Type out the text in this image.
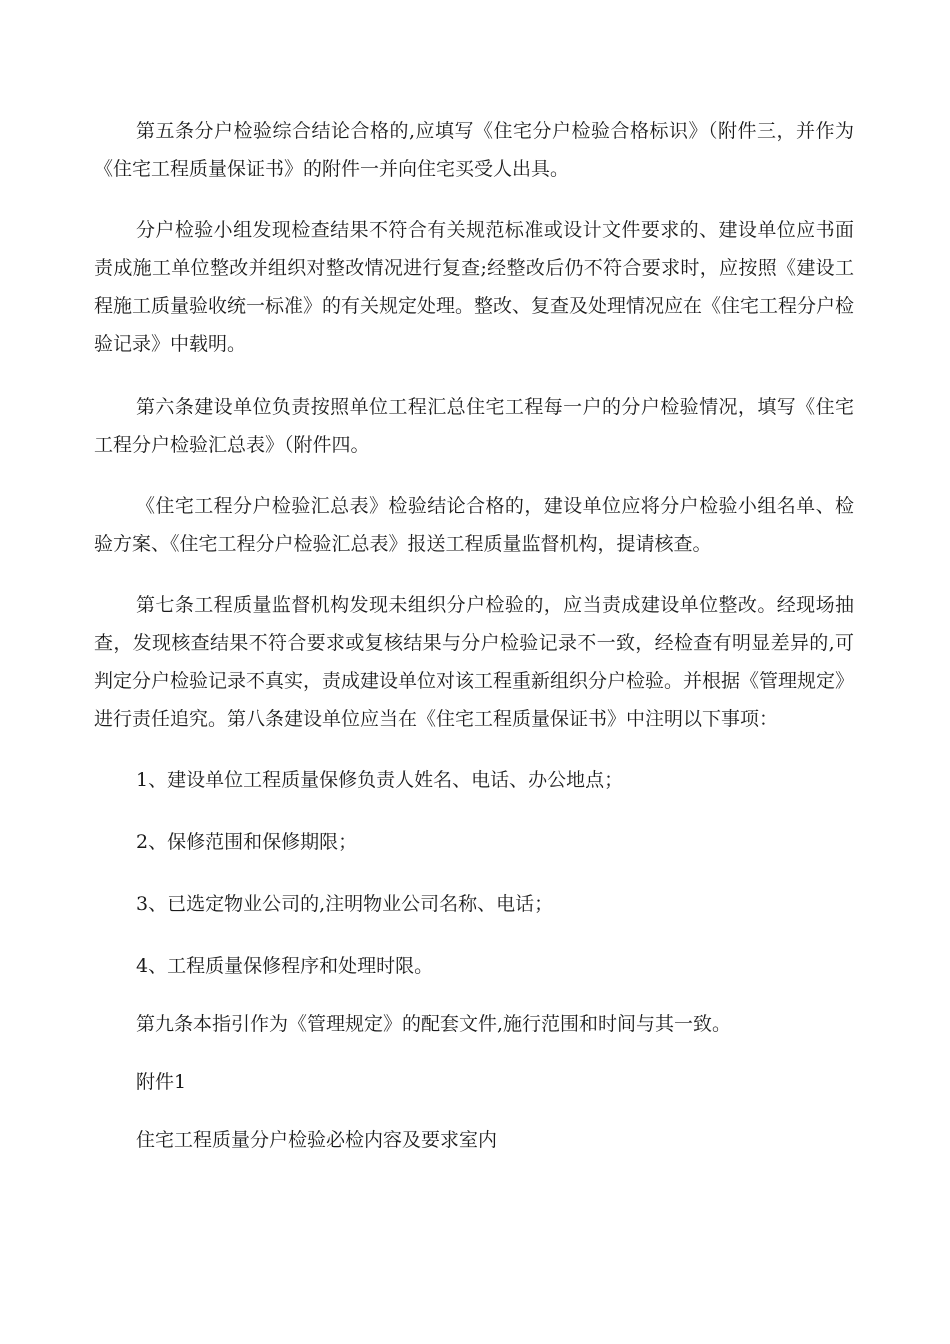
第五条分户检验综合结论合格的,应填写《住宅分户检验合格标识》（附件三，并作为《住宅工程质量保证书》的附件一并向住宅买受人出具。

分户检验小组发现检查结果不符合有关规范标准或设计文件要求的、建设单位应书面责成施工单位整改并组织对整改情况进行复查;经整改后仍不符合要求时，应按照《建设工程施工质量验收统一标准》的有关规定处理。整改、复查及处理情况应在《住宅工程分户检验记录》中载明。

第六条建设单位负责按照单位工程汇总住宅工程每一户的分户检验情况，填写《住宅工程分户检验汇总表》（附件四。

《住宅工程分户检验汇总表》检验结论合格的，建设单位应将分户检验小组名单、检验方案、《住宅工程分户检验汇总表》报送工程质量监督机构，提请核查。

第七条工程质量监督机构发现未组织分户检验的，应当责成建设单位整改。经现场抽查，发现核查结果不符合要求或复核结果与分户检验记录不一致，经检查有明显差异的,可判定分户检验记录不真实，责成建设单位对该工程重新组织分户检验。并根据《管理规定》进行责任追究。第八条建设单位应当在《住宅工程质量保证书》中注明以下事项：

1、建设单位工程质量保修负责人姓名、电话、办公地点；

2、保修范围和保修期限；

3、已选定物业公司的,注明物业公司名称、电话；

4、工程质量保修程序和处理时限。

第九条本指引作为《管理规定》的配套文件,施行范围和时间与其一致。

附件1

住宅工程质量分户检验必检内容及要求室内
